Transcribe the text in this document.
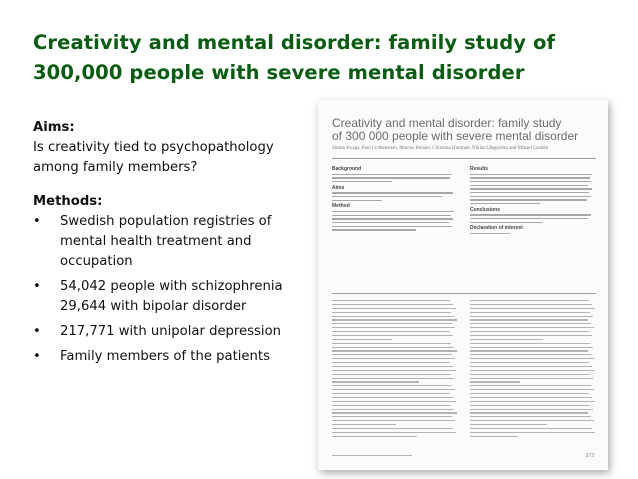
Creativity and mental disorder: family study of
300,000 people with severe mental disorder
Aims:
Is creativity tied to psychopathology
among family members?
Methods:
• Swedish population registries of
mental health treatment and
occupation
• 54,042 people with schizophrenia
29,644 with bipolar disorder
• 217,771 with unipolar depression
• Family members of the patients
Creativity and mental disorder: family study
of 300 000 people with severe mental disorder
Simon Kyaga, Paul Lichtenstein, Marcus Boman, Christina Hultman, Niklas Långström and Mikael Landén
Background
Aims
Method
Results
Conclusions
Declaration of interest
373
